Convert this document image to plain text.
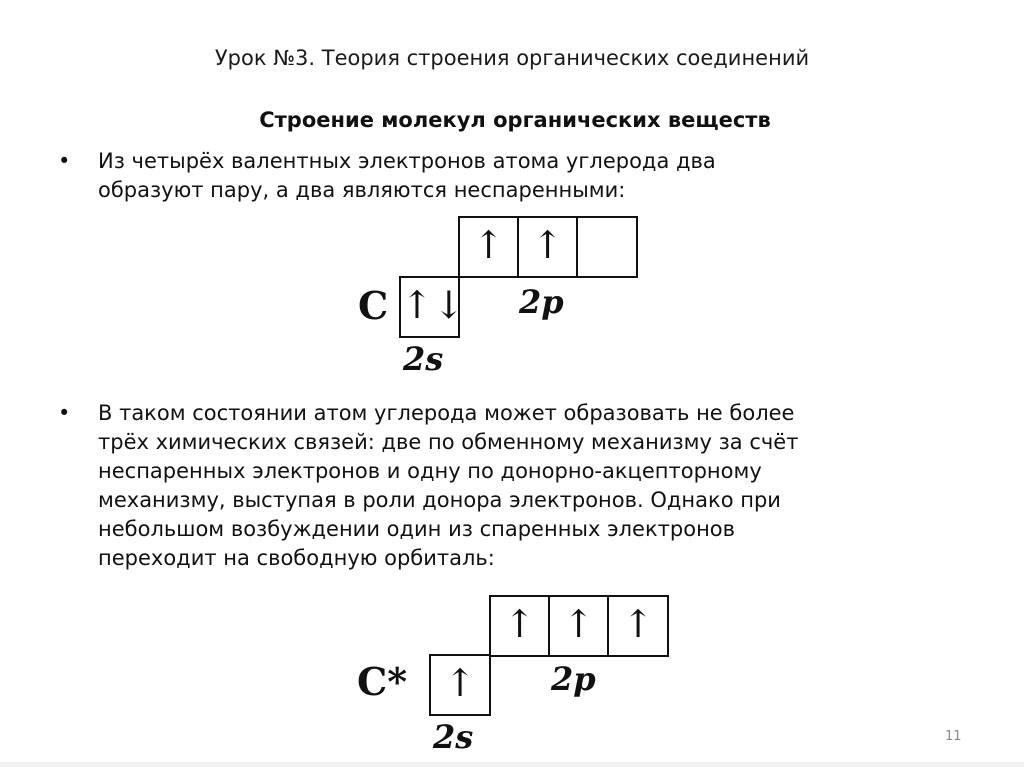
Урок №3. Теория строения органических соединений
Строение молекул органических веществ
•	Из четырёх валентных электронов атома углерода два
образуют пару, а два являются неспаренными:
C ↑↓
↑ ↑
2p
2s
•	В таком состоянии атом углерода может образовать не более
трёх химических связей: две по обменному механизму за счёт
неспаренных электронов и одну по донорно-акцепторному
механизму, выступая в роли донора электронов. Однако при
небольшом возбуждении один из спаренных электронов
переходит на свободную орбиталь:
C* ↑
↑ ↑ ↑
2p
2s	11
